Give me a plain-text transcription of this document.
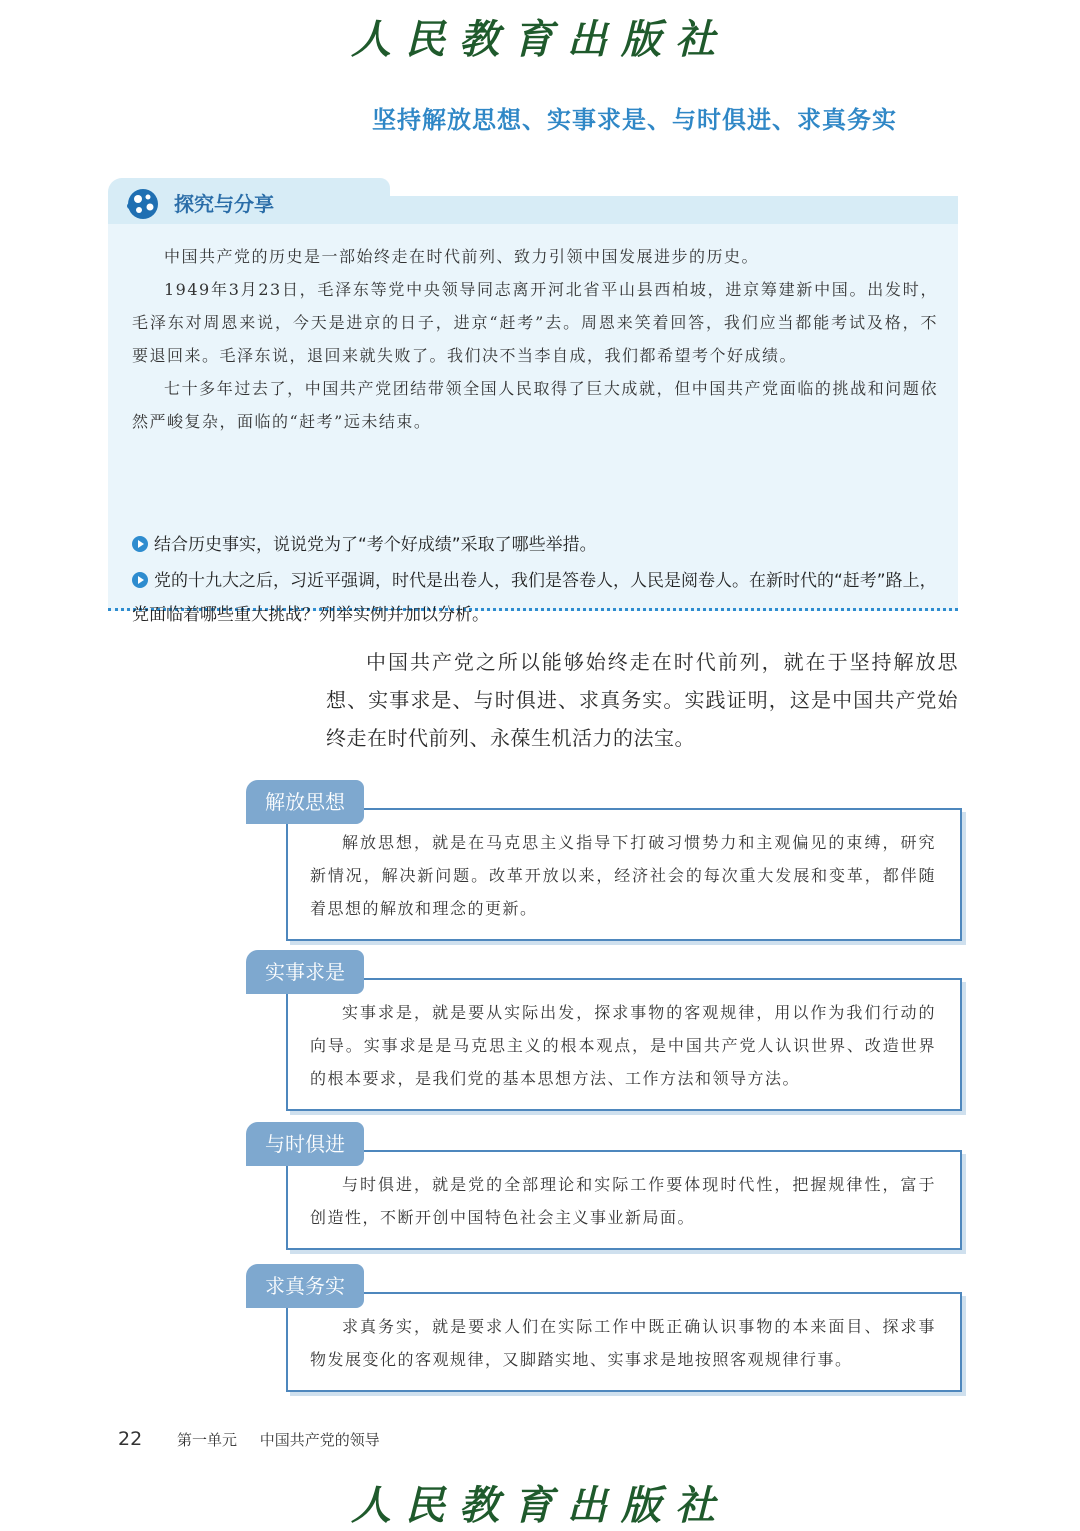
人民教育出版社
坚持解放思想、实事求是、与时俱进、求真务实
探究与分享

中国共产党的历史是一部始终走在时代前列、致力引领中国发展进步的历史。

1949年3月23日，毛泽东等党中央领导同志离开河北省平山县西柏坡，进京筹建新中国。出发时，毛泽东对周恩来说，今天是进京的日子，进京“赶考”去。周恩来笑着回答，我们应当都能考试及格，不要退回来。毛泽东说，退回来就失败了。我们决不当李自成，我们都希望考个好成绩。

七十多年过去了，中国共产党团结带领全国人民取得了巨大成就，但中国共产党面临的挑战和问题依然严峻复杂，面临的“赶考”远未结束。

结合历史事实，说说党为了“考个好成绩”采取了哪些举措。
党的十九大之后，习近平强调，时代是出卷人，我们是答卷人，人民是阅卷人。在新时代的“赶考”路上，党面临着哪些重大挑战？列举实例并加以分析。

中国共产党之所以能够始终走在时代前列，就在于坚持解放思想、实事求是、与时俱进、求真务实。实践证明，这是中国共产党始终走在时代前列、永葆生机活力的法宝。

解放思想

解放思想，就是在马克思主义指导下打破习惯势力和主观偏见的束缚，研究新情况，解决新问题。改革开放以来，经济社会的每次重大发展和变革，都伴随着思想的解放和理念的更新。

实事求是

实事求是，就是要从实际出发，探求事物的客观规律，用以作为我们行动的向导。实事求是是马克思主义的根本观点，是中国共产党人认识世界、改造世界的根本要求，是我们党的基本思想方法、工作方法和领导方法。

与时俱进

与时俱进，就是党的全部理论和实际工作要体现时代性，把握规律性，富于创造性，不断开创中国特色社会主义事业新局面。

求真务实

求真务实，就是要求人们在实际工作中既正确认识事物的本来面目、探求事物发展变化的客观规律，又脚踏实地、实事求是地按照客观规律行事。

22 第一单元 中国共产党的领导
人民教育出版社
